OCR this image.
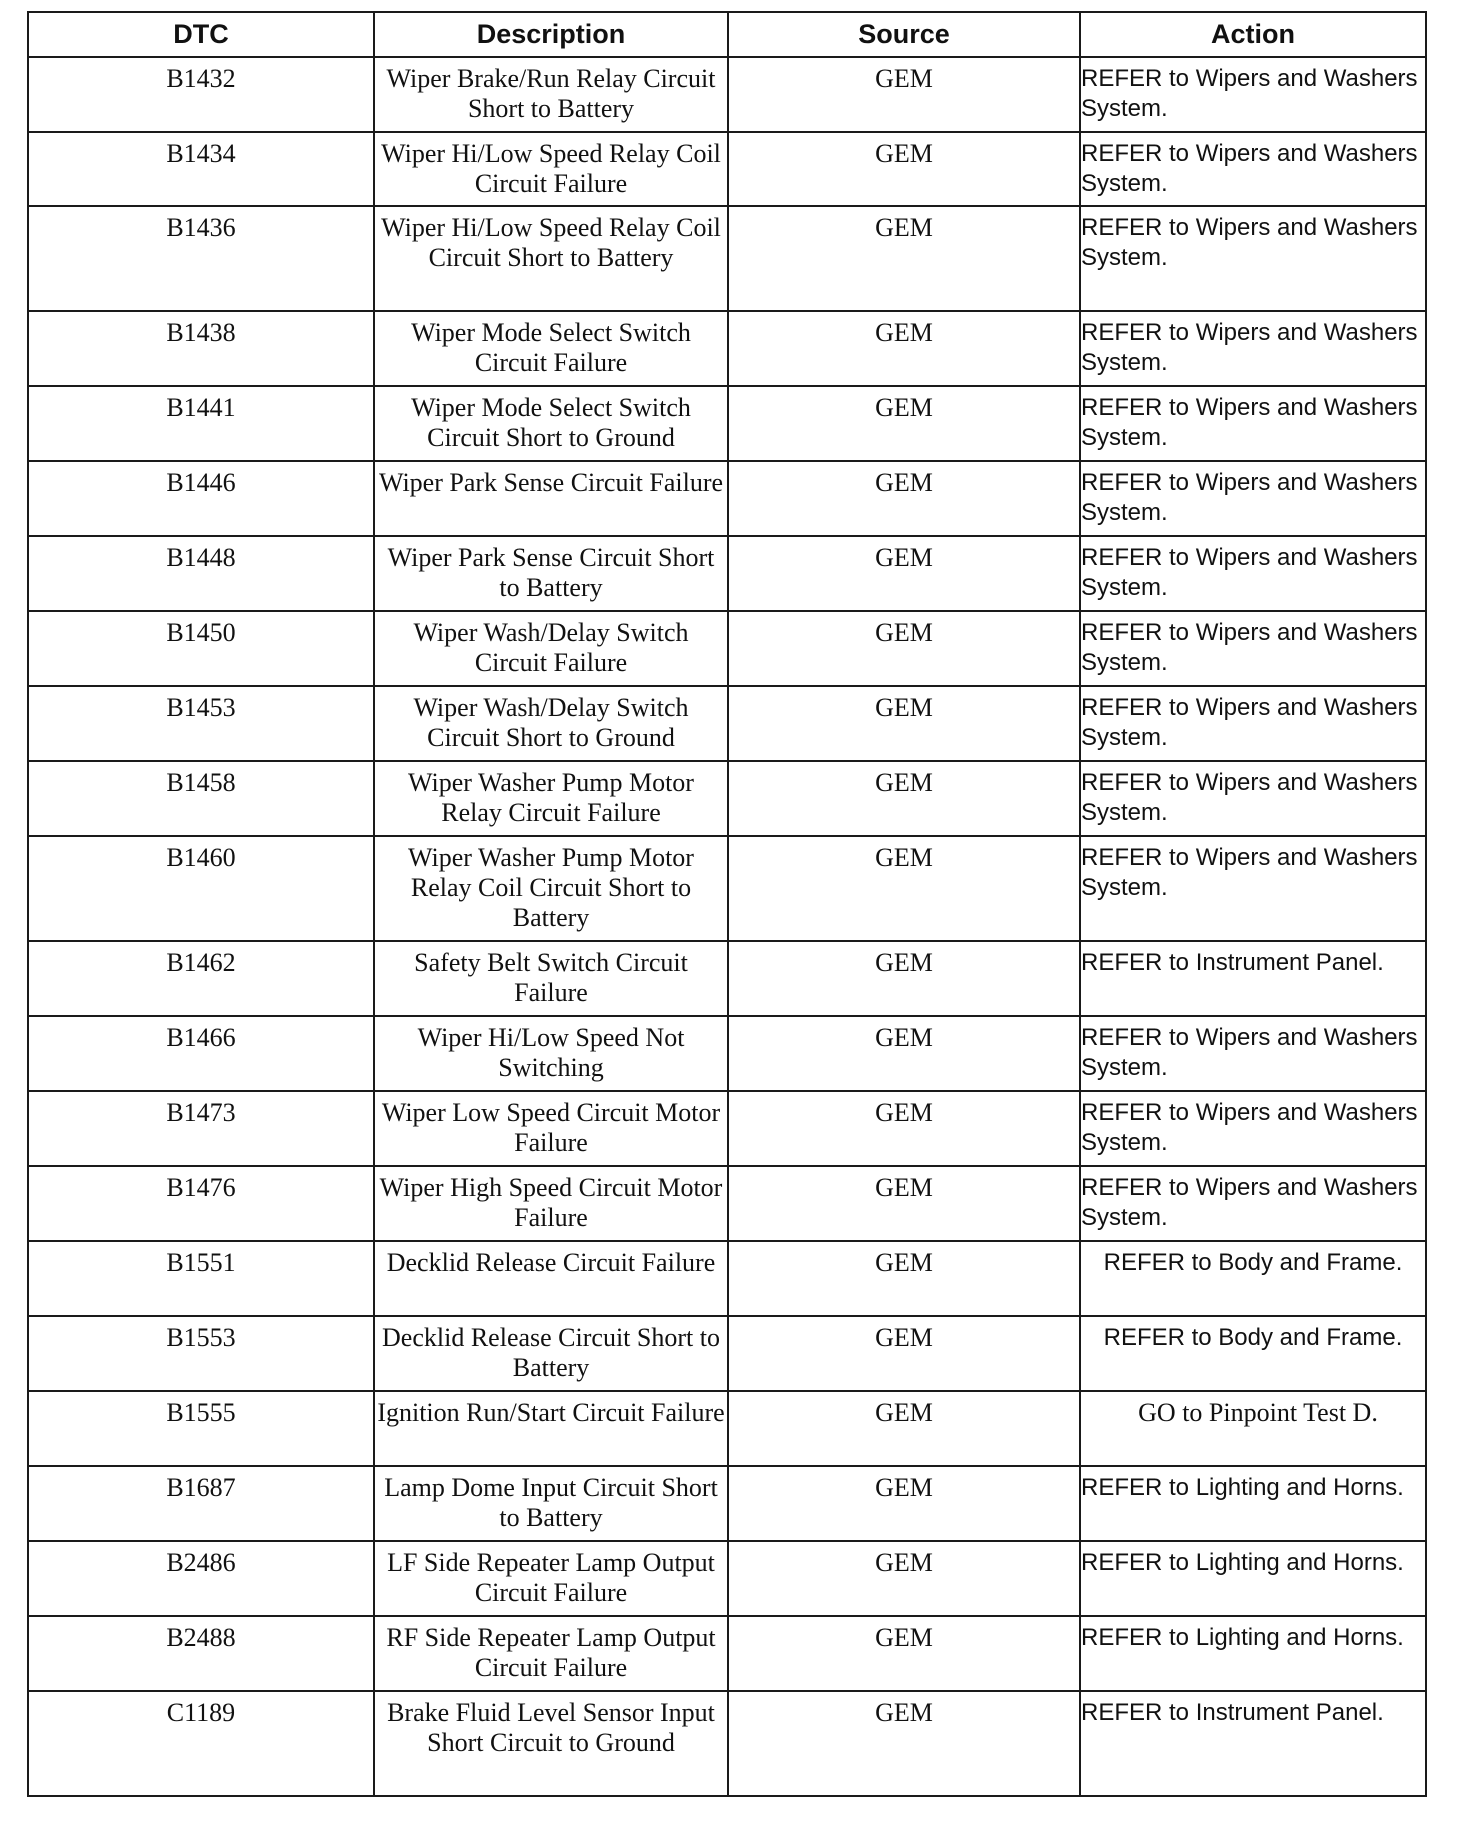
DTC	Description	Source	Action
B1432	Wiper Brake/Run Relay Circuit Short to Battery	GEM	REFER to Wipers and Washers System.
B1434	Wiper Hi/Low Speed Relay Coil Circuit Failure	GEM	REFER to Wipers and Washers System.
B1436	Wiper Hi/Low Speed Relay Coil Circuit Short to Battery	GEM	REFER to Wipers and Washers System.
B1438	Wiper Mode Select Switch Circuit Failure	GEM	REFER to Wipers and Washers System.
B1441	Wiper Mode Select Switch Circuit Short to Ground	GEM	REFER to Wipers and Washers System.
B1446	Wiper Park Sense Circuit Failure	GEM	REFER to Wipers and Washers System.
B1448	Wiper Park Sense Circuit Short to Battery	GEM	REFER to Wipers and Washers System.
B1450	Wiper Wash/Delay Switch Circuit Failure	GEM	REFER to Wipers and Washers System.
B1453	Wiper Wash/Delay Switch Circuit Short to Ground	GEM	REFER to Wipers and Washers System.
B1458	Wiper Washer Pump Motor Relay Circuit Failure	GEM	REFER to Wipers and Washers System.
B1460	Wiper Washer Pump Motor Relay Coil Circuit Short to Battery	GEM	REFER to Wipers and Washers System.
B1462	Safety Belt Switch Circuit Failure	GEM	REFER to Instrument Panel.
B1466	Wiper Hi/Low Speed Not Switching	GEM	REFER to Wipers and Washers System.
B1473	Wiper Low Speed Circuit Motor Failure	GEM	REFER to Wipers and Washers System.
B1476	Wiper High Speed Circuit Motor Failure	GEM	REFER to Wipers and Washers System.
B1551	Decklid Release Circuit Failure	GEM	REFER to Body and Frame.
B1553	Decklid Release Circuit Short to Battery	GEM	REFER to Body and Frame.
B1555	Ignition Run/Start Circuit Failure	GEM	GO to Pinpoint Test D.
B1687	Lamp Dome Input Circuit Short to Battery	GEM	REFER to Lighting and Horns.
B2486	LF Side Repeater Lamp Output Circuit Failure	GEM	REFER to Lighting and Horns.
B2488	RF Side Repeater Lamp Output Circuit Failure	GEM	REFER to Lighting and Horns.
C1189	Brake Fluid Level Sensor Input Short Circuit to Ground	GEM	REFER to Instrument Panel.
